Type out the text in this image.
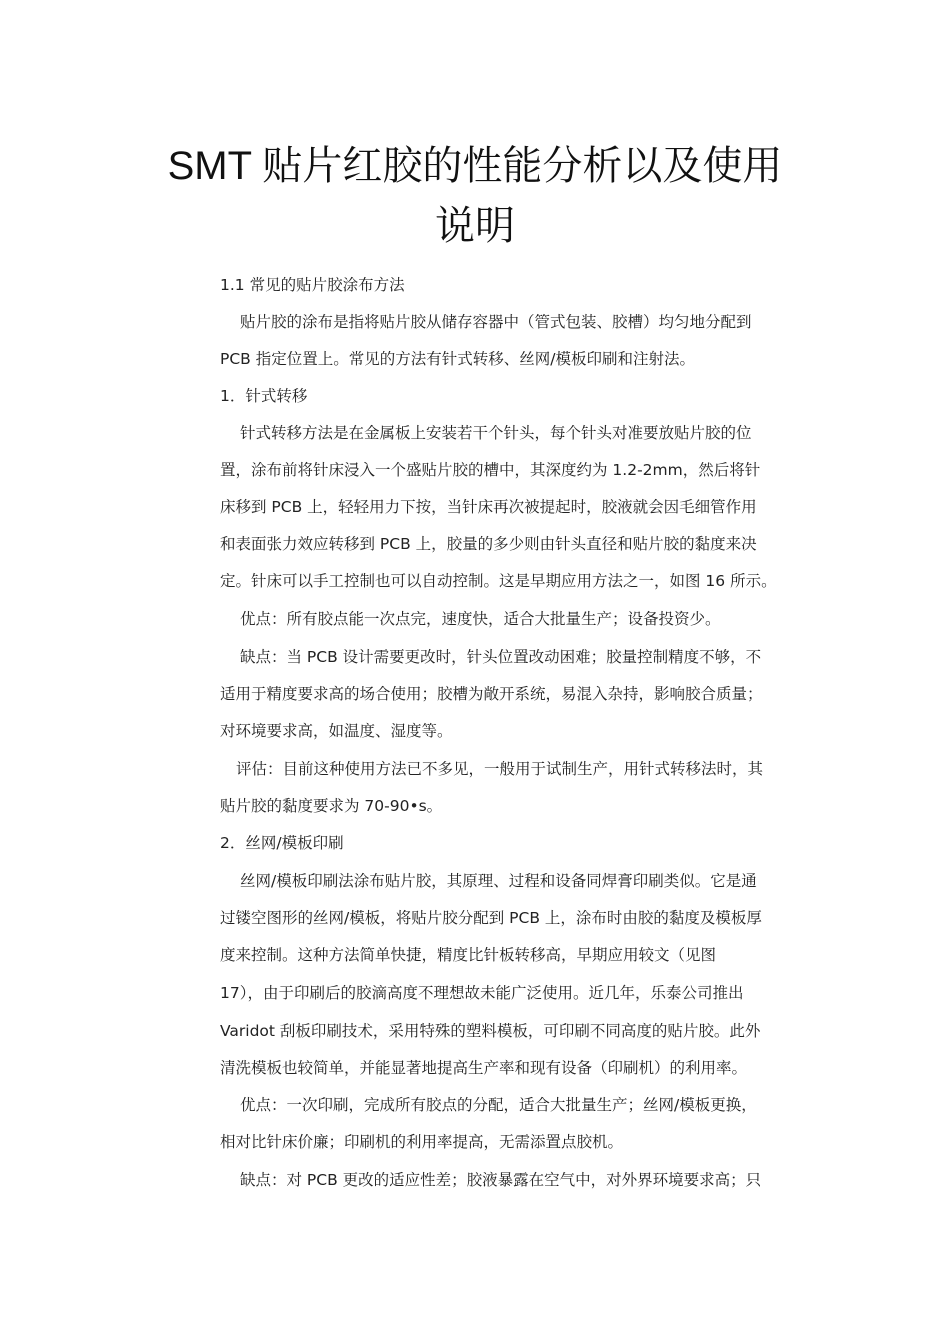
SMT 贴片红胶的性能分析以及使用
说明
1.1 常见的贴片胶涂布方法
贴片胶的涂布是指将贴片胶从储存容器中（管式包装、胶槽）均匀地分配到
PCB 指定位置上。常见的方法有针式转移、丝网/模板印刷和注射法。
1．针式转移
针式转移方法是在金属板上安装若干个针头，每个针头对准要放贴片胶的位
置，涂布前将针床浸入一个盛贴片胶的槽中，其深度约为 1.2-2mm，然后将针
床移到 PCB 上，轻轻用力下按，当针床再次被提起时，胶液就会因毛细管作用
和表面张力效应转移到 PCB 上，胶量的多少则由针头直径和贴片胶的黏度来决
定。针床可以手工控制也可以自动控制。这是早期应用方法之一，如图 16 所示。
优点：所有胶点能一次点完，速度快，适合大批量生产；设备投资少。
缺点：当 PCB 设计需要更改时，针头位置改动困难；胶量控制精度不够，不
适用于精度要求高的场合使用；胶槽为敞开系统，易混入杂持，影响胶合质量；
对环境要求高，如温度、湿度等。
评估：目前这种使用方法已不多见，一般用于试制生产，用针式转移法时，其
贴片胶的黏度要求为 70-90•s。
2．丝网/模板印刷
丝网/模板印刷法涂布贴片胶，其原理、过程和设备同焊膏印刷类似。它是通
过镂空图形的丝网/模板，将贴片胶分配到 PCB 上，涂布时由胶的黏度及模板厚
度来控制。这种方法简单快捷，精度比针板转移高，早期应用较文（见图
17），由于印刷后的胶滴高度不理想故未能广泛使用。近几年，乐泰公司推出
Varidot 刮板印刷技术，采用特殊的塑料模板，可印刷不同高度的贴片胶。此外
清洗模板也较简单，并能显著地提高生产率和现有设备（印刷机）的利用率。
优点：一次印刷，完成所有胶点的分配，适合大批量生产；丝网/模板更换，
相对比针床价廉；印刷机的利用率提高，无需添置点胶机。
缺点：对 PCB 更改的适应性差；胶液暴露在空气中，对外界环境要求高；只
